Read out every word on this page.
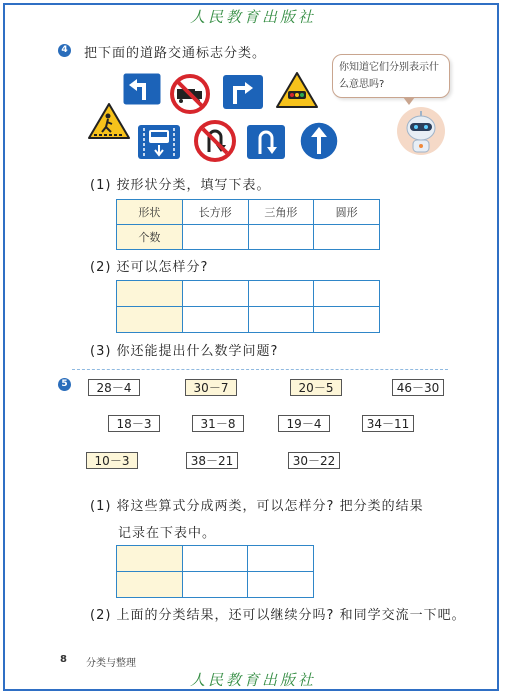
人民教育出版社
4 把下面的道路交通标志分类。
你知道它们分别表示什么意思吗?
(1) 按形状分类，填写下表。
形状	长方形	三角形	圆形
个数			
(2) 还可以怎样分?

(3) 你还能提出什么数学问题?
5	28－4	30－7	20－5	46－30
18－3	31－8	19－4	34－11
10－3	38－21	30－22
(1) 将这些算式分成两类，可以怎样分? 把分类的结果
记录在下表中。

(2) 上面的分类结果，还可以继续分吗? 和同学交流一下吧。
8 分类与整理
人民教育出版社
